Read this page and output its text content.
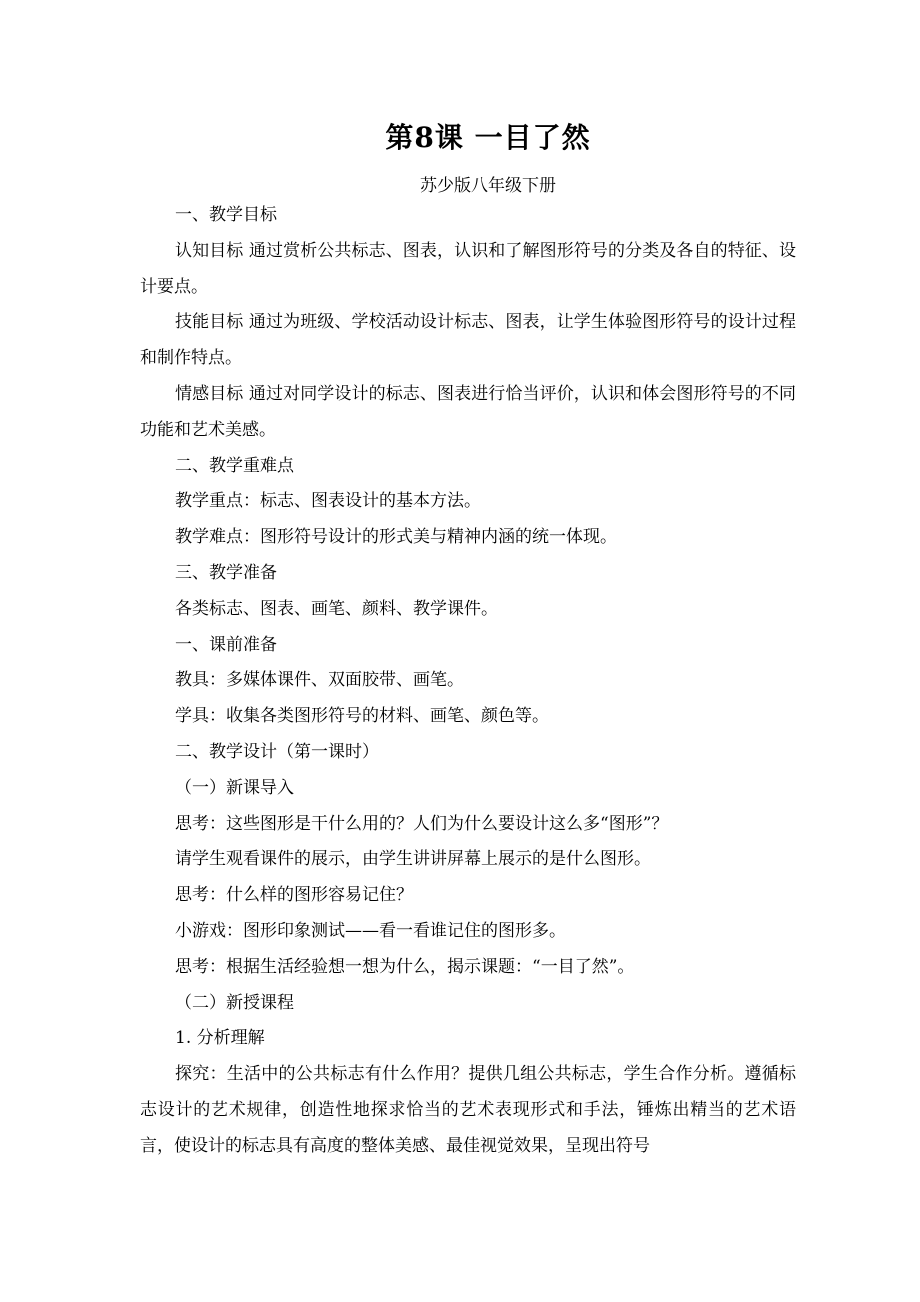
第8课 一目了然
苏少版八年级下册

一、教学目标

认知目标 通过赏析公共标志、图表，认识和了解图形符号的分类及各自的特征、设计要点。

技能目标 通过为班级、学校活动设计标志、图表，让学生体验图形符号的设计过程和制作特点。

情感目标 通过对同学设计的标志、图表进行恰当评价，认识和体会图形符号的不同功能和艺术美感。

二、教学重难点

教学重点：标志、图表设计的基本方法。

教学难点：图形符号设计的形式美与精神内涵的统一体现。

三、教学准备

各类标志、图表、画笔、颜料、教学课件。

一、课前准备

教具：多媒体课件、双面胶带、画笔。

学具：收集各类图形符号的材料、画笔、颜色等。

二、教学设计（第一课时）

（一）新课导入

思考：这些图形是干什么用的？人们为什么要设计这么多“图形”？

请学生观看课件的展示，由学生讲讲屏幕上展示的是什么图形。

思考：什么样的图形容易记住？

小游戏：图形印象测试——看一看谁记住的图形多。

思考：根据生活经验想一想为什么，揭示课题：“一目了然”。

（二）新授课程

1. 分析理解

探究：生活中的公共标志有什么作用？提供几组公共标志，学生合作分析。遵循标志设计的艺术规律，创造性地探求恰当的艺术表现形式和手法，锤炼出精当的艺术语言，使设计的标志具有高度的整体美感、最佳视觉效果，呈现出符号
